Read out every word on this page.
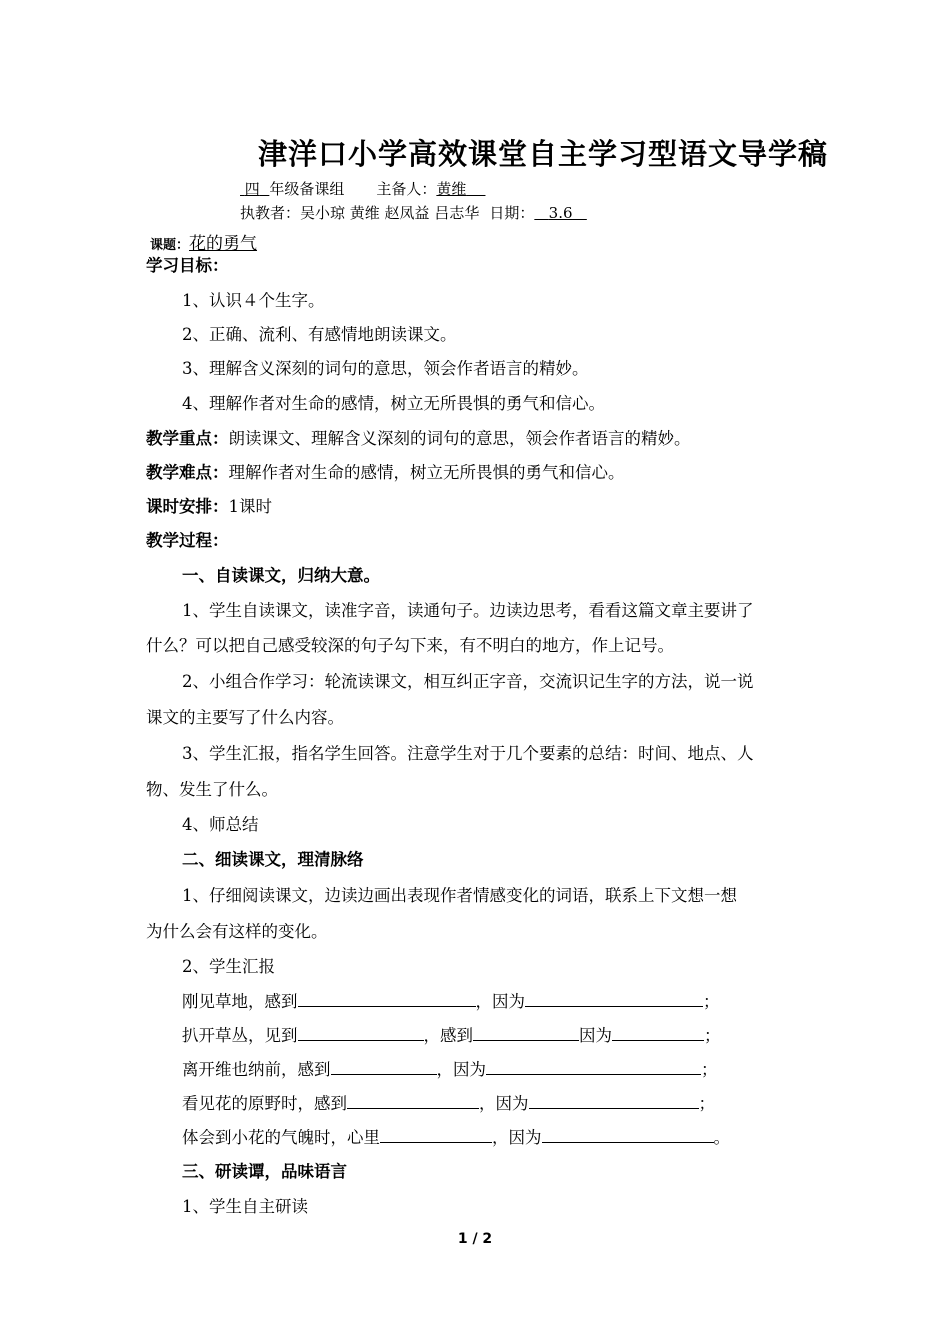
津洋口小学高效课堂自主学习型语文导学稿
四 年级备课组 主备人：黄维
执教者：吴小琼 黄维 赵凤益 吕志华 日期： 3.6
课题：花的勇气
学习目标：
1、认识４个生字。
2、正确、流利、有感情地朗读课文。
3、理解含义深刻的词句的意思，领会作者语言的精妙。
4、理解作者对生命的感情，树立无所畏惧的勇气和信心。
教学重点：朗读课文、理解含义深刻的词句的意思，领会作者语言的精妙。
教学难点：理解作者对生命的感情，树立无所畏惧的勇气和信心。
课时安排：1课时
教学过程：
一、自读课文，归纳大意。
1、学生自读课文，读准字音，读通句子。边读边思考，看看这篇文章主要讲了
什么？可以把自己感受较深的句子勾下来，有不明白的地方，作上记号。
2、小组合作学习：轮流读课文，相互纠正字音，交流识记生字的方法，说一说
课文的主要写了什么内容。
3、学生汇报，指名学生回答。注意学生对于几个要素的总结：时间、地点、人
物、发生了什么。
4、师总结
二、细读课文，理清脉络
1、仔细阅读课文，边读边画出表现作者情感变化的词语，联系上下文想一想
为什么会有这样的变化。
2、学生汇报
刚见草地，感到	，因为	；
扒开草丛，见到	，感到	因为	；
离开维也纳前，感到	，因为	；
看见花的原野时，感到	，因为	；
体会到小花的气魄时，心里	，因为	。
三、研读谭，品味语言
1、学生自主研读
1 / 2
